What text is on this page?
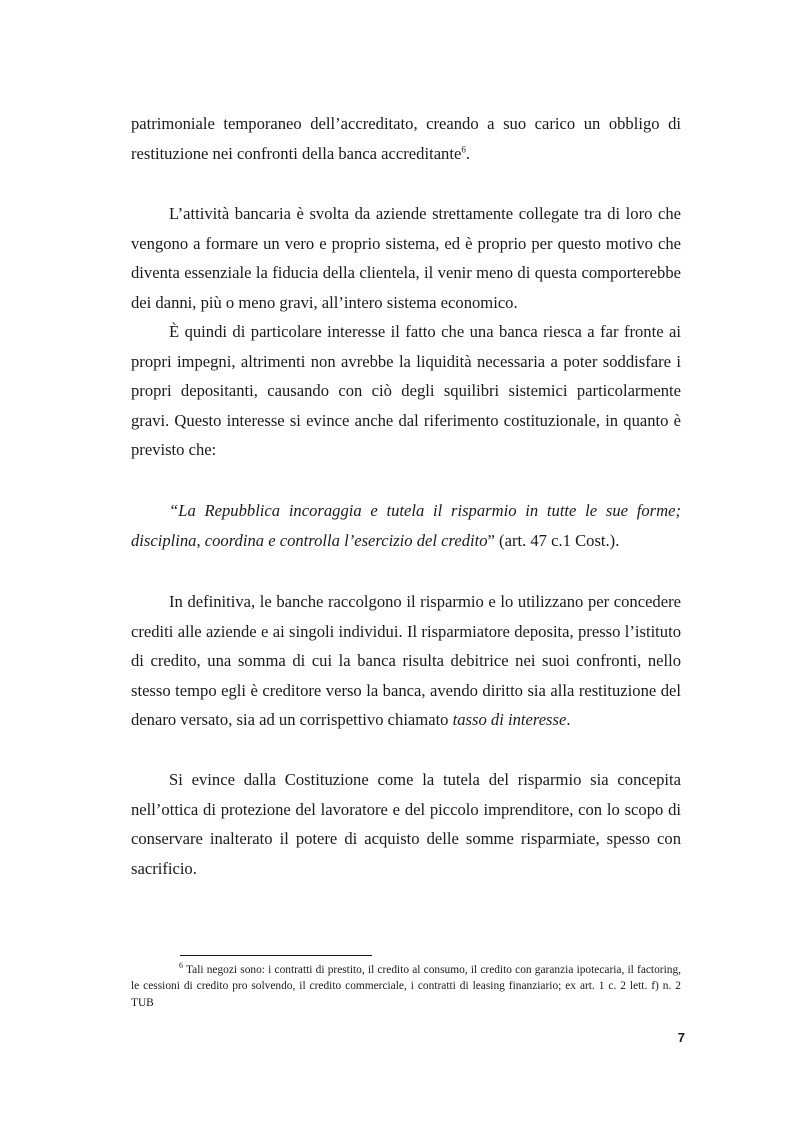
patrimoniale temporaneo dell’accreditato, creando a suo carico un obbligo di restituzione nei confronti della banca accreditante$^6$.

L’attività bancaria è svolta da aziende strettamente collegate tra di loro che vengono a formare un vero e proprio sistema, ed è proprio per questo motivo che diventa essenziale la fiducia della clientela, il venir meno di questa comporterebbe dei danni, più o meno gravi, all’intero sistema economico.

È quindi di particolare interesse il fatto che una banca riesca a far fronte ai propri impegni, altrimenti non avrebbe la liquidità necessaria a poter soddisfare i propri depositanti, causando con ciò degli squilibri sistemici particolarmente gravi. Questo interesse si evince anche dal riferimento costituzionale, in quanto è previsto che:

“La Repubblica incoraggia e tutela il risparmio in tutte le sue forme; disciplina, coordina e controlla l’esercizio del credito” (art. 47 c.1 Cost.).

In definitiva, le banche raccolgono il risparmio e lo utilizzano per concedere crediti alle aziende e ai singoli individui. Il risparmiatore deposita, presso l’istituto di credito, una somma di cui la banca risulta debitrice nei suoi confronti, nello stesso tempo egli è creditore verso la banca, avendo diritto sia alla restituzione del denaro versato, sia ad un corrispettivo chiamato tasso di interesse.

Si evince dalla Costituzione come la tutela del risparmio sia concepita nell’ottica di protezione del lavoratore e del piccolo imprenditore, con lo scopo di conservare inalterato il potere di acquisto delle somme risparmiate, spesso con sacrificio.

$^6$ Tali negozi sono: i contratti di prestito, il credito al consumo, il credito con garanzia ipotecaria, il factoring, le cessioni di credito pro solvendo, il credito commerciale, i contratti di leasing finanziario; ex art. 1 c. 2 lett. f) n. 2 TUB

7
